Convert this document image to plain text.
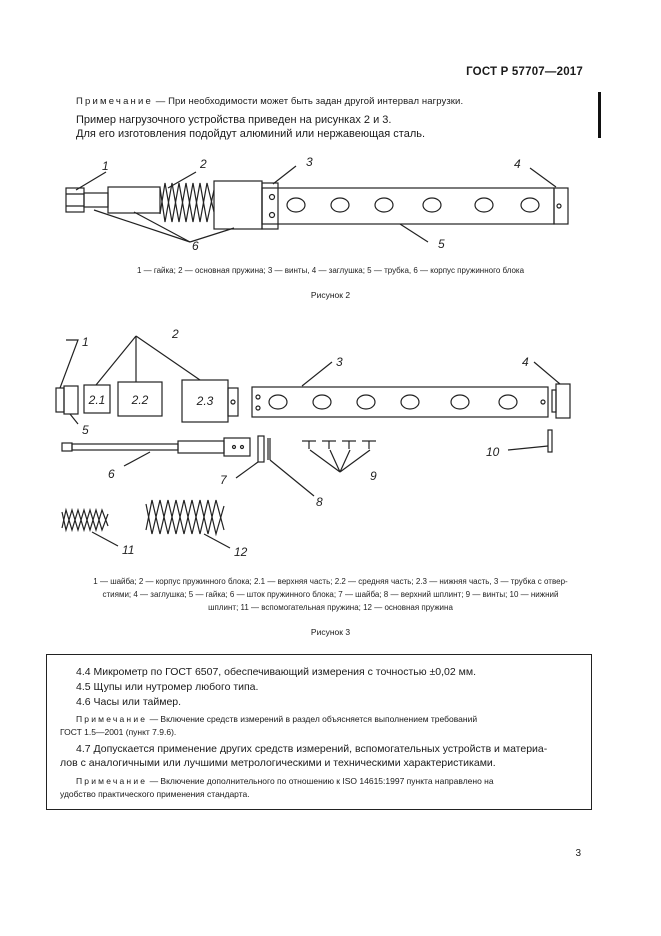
ГОСТ Р 57707—2017
Примечание — При необходимости может быть задан другой интервал нагрузки.
Пример нагрузочного устройства приведен на рисунках 2 и 3.
Для его изготовления подойдут алюминий или нержавеющая сталь.
1	2	3	4
5
6
1 — гайка; 2 — основная пружина; 3 — винты, 4 — заглушка; 5 — трубка, 6 — корпус пружинного блока
Рисунок 2
1
2
3	4
5
6	7
8
9
10
11	12
2.1 2.2	2.3
1 — шайба; 2 — корпус пружинного блока; 2.1 — верхняя часть; 2.2 — средняя часть; 2.3 — нижняя часть, 3 — трубка с отвер-
стиями; 4 — заглушка; 5 — гайка; 6 — шток пружинного блока; 7 — шайба; 8 — верхний шплинт; 9 — винты; 10 — нижний
шплинт; 11 — вспомогательная пружина; 12 — основная пружина
Рисунок 3
4.4 Микрометр по ГОСТ 6507, обеспечивающий измерения с точностью ±0,02 мм.
4.5 Щупы или нутромер любого типа.
4.6 Часы или таймер.
Примечание — Включение средств измерений в раздел объясняется выполнением требований
ГОСТ 1.5—2001 (пункт 7.9.6).
4.7 Допускается применение других средств измерений, вспомогательных устройств и материа-
лов с аналогичными или лучшими метрологическими и техническими характеристиками.
Примечание — Включение дополнительного по отношению к ISO 14615:1997 пункта направлено на
удобство практического применения стандарта.
3
